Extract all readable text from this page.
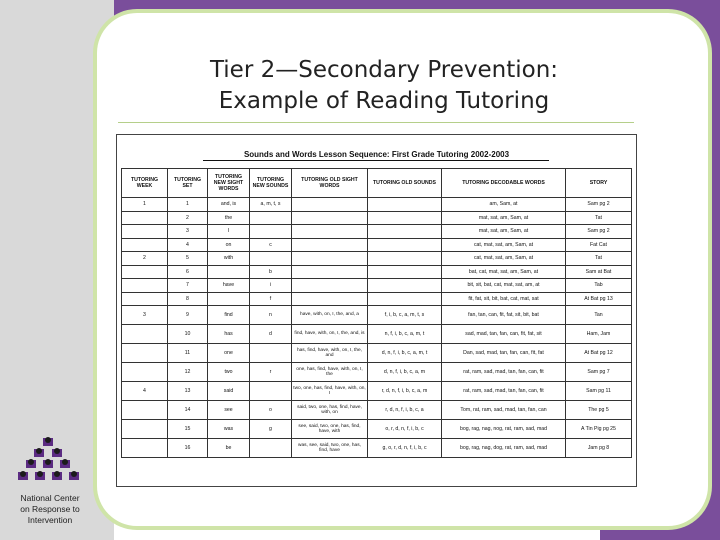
Tier 2—Secondary Prevention:
Example of Reading Tutoring
Sounds and Words Lesson Sequence: First Grade Tutoring 2002-2003
TUTORING WEEK	TUTORING SET	TUTORING NEW SIGHT WORDS	TUTORING NEW SOUNDS	TUTORING OLD SIGHT WORDS	TUTORING OLD SOUNDS	TUTORING DECODABLE WORDS	STORY
1	1	and, is	a, m, t, s			am, Sam, at	Sam pg 2
	2	the				mat, sat, am, Sam, at	Tat
	3	I				mat, sat, am, Sam, at	Sam pg 2
	4	on	c			cat, mat, sat, am, Sam, at	Fat Cat
2	5	with				cat, mat, sat, am, Sam, at	Tat
	6		b			bat, cat, mat, sat, am, Sam, at	Sam at Bat
	7	have	i			bit, sit, bat, cat, mat, sat, am, at	Tab
	8		f			fit, fat, sit, bit, bat, cat, mat, sat	At Bat pg 13
3	9	find	n	have, with, on, I, the, and, a	f, i, b, c, a, m, t, s	fan, tan, can, fit, fat, sit, bit, bat	Tan
	10	has	d	find, have, with, on, I, the, and, is	n, f, i, b, c, a, m, t	sad, mad, tan, fan, can, fit, fat, sit	Ham, Jam
	11	one		has, find, have, with, on, I, the, and	d, n, f, i, b, c, a, m, t	Dan, sad, mad, tan, fan, can, fit, fat	At Bat pg 12
	12	two	r	one, has, find, have, with, on, I, the	d, n, f, i, b, c, a, m	rat, ram, sad, mad, tan, fan, can, fit	Sam pg 7
4	13	said		two, one, has, find, have, with, on, I	r, d, n, f, i, b, c, a, m	rat, ram, sad, mad, tan, fan, can, fit	Sam pg 11
	14	see	o	said, two, one, has, find, have, with, on	r, d, n, f, i, b, c, a	Tom, rat, ram, sad, mad, tan, fan, can	The pg 5
	15	was	g	see, said, two, one, has, find, have, with	o, r, d, n, f, i, b, c	bog, rag, nag, nog, rat, ram, sad, mad	A Tin Pig pg 25
	16	be		was, see, said, two, one, has, find, have	g, o, r, d, n, f, i, b, c	bog, rag, nag, dog, rat, ram, sad, mad	Jam pg 8
National Center
on Response to
Intervention
